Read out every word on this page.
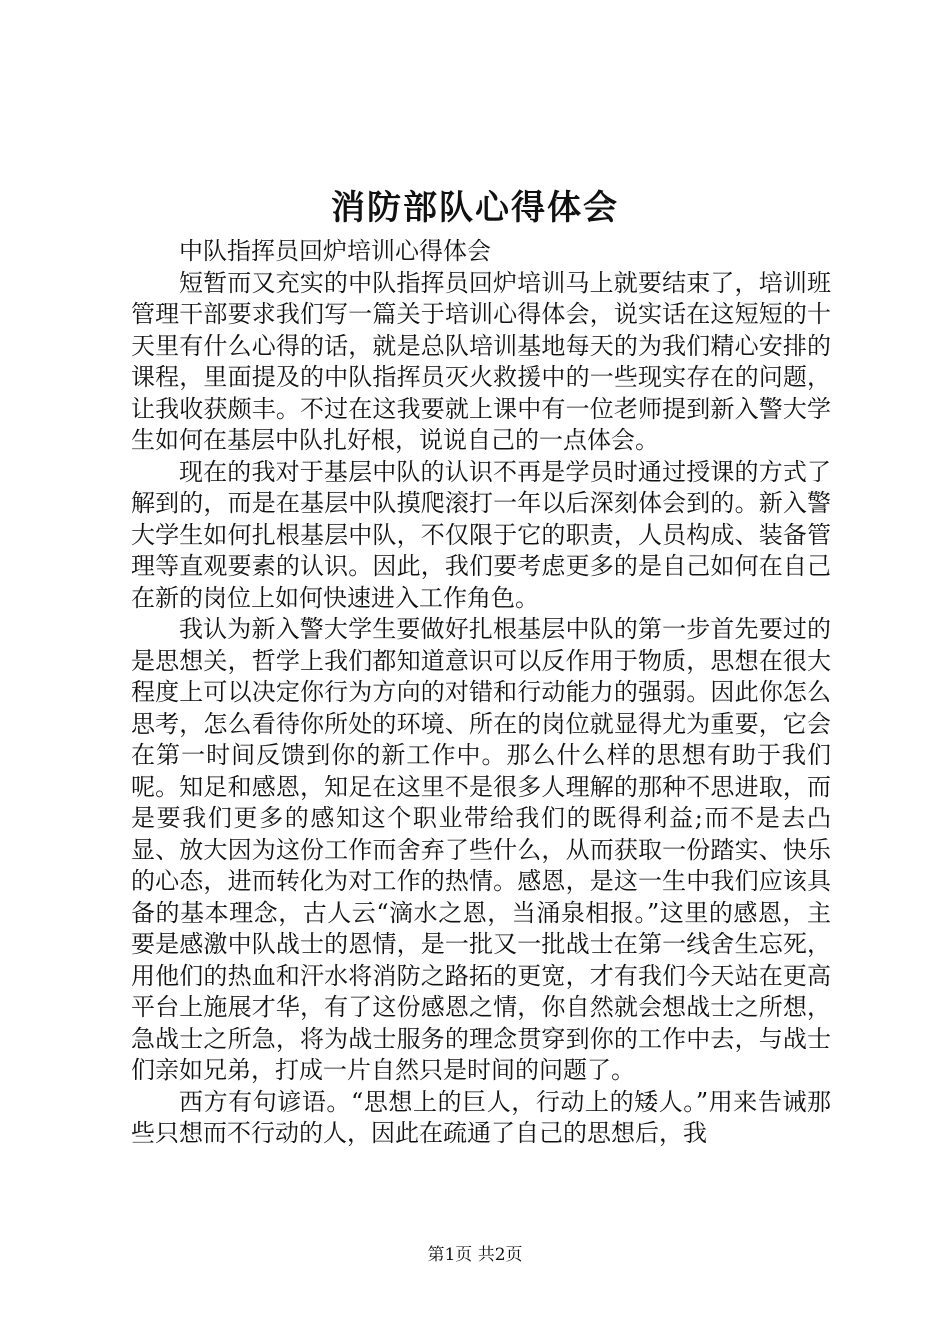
消防部队心得体会

中队指挥员回炉培训心得体会

短暂而又充实的中队指挥员回炉培训马上就要结束了，培训班管理干部要求我们写一篇关于培训心得体会，说实话在这短短的十天里有什么心得的话，就是总队培训基地每天的为我们精心安排的课程，里面提及的中队指挥员灭火救援中的一些现实存在的问题，让我收获颇丰。不过在这我要就上课中有一位老师提到新入警大学生如何在基层中队扎好根，说说自己的一点体会。

现在的我对于基层中队的认识不再是学员时通过授课的方式了解到的，而是在基层中队摸爬滚打一年以后深刻体会到的。新入警大学生如何扎根基层中队，不仅限于它的职责，人员构成、装备管理等直观要素的认识。因此，我们要考虑更多的是自己如何在自己在新的岗位上如何快速进入工作角色。

我认为新入警大学生要做好扎根基层中队的第一步首先要过的是思想关，哲学上我们都知道意识可以反作用于物质，思想在很大程度上可以决定你行为方向的对错和行动能力的强弱。因此你怎么思考，怎么看待你所处的环境、所在的岗位就显得尤为重要，它会在第一时间反馈到你的新工作中。那么什么样的思想有助于我们呢。知足和感恩，知足在这里不是很多人理解的那种不思进取，而是要我们更多的感知这个职业带给我们的既得利益;而不是去凸显、放大因为这份工作而舍弃了些什么，从而获取一份踏实、快乐的心态，进而转化为对工作的热情。感恩，是这一生中我们应该具备的基本理念，古人云“滴水之恩，当涌泉相报。”这里的感恩，主要是感激中队战士的恩情，是一批又一批战士在第一线舍生忘死，用他们的热血和汗水将消防之路拓的更宽，才有我们今天站在更高平台上施展才华，有了这份感恩之情，你自然就会想战士之所想，急战士之所急，将为战士服务的理念贯穿到你的工作中去，与战士们亲如兄弟，打成一片自然只是时间的问题了。

西方有句谚语。“思想上的巨人，行动上的矮人。”用来告诫那些只想而不行动的人，因此在疏通了自己的思想后，我

第1页 共2页
